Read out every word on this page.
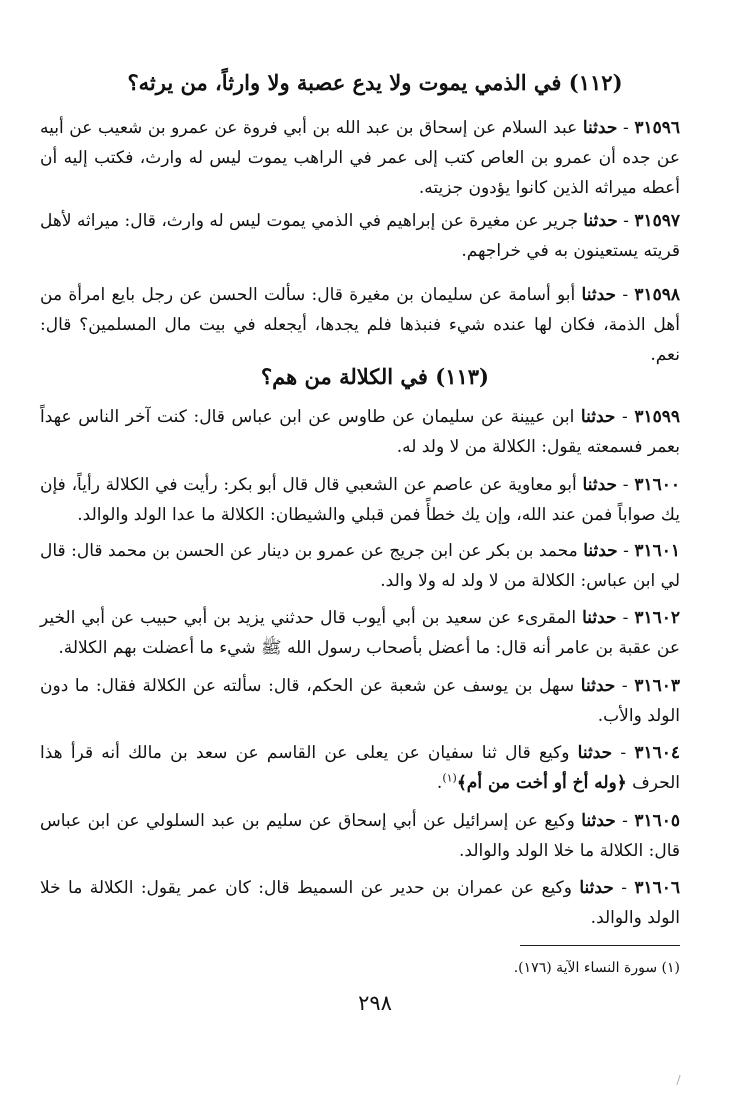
(١١٢) في الذمي يموت ولا يدع عصبة ولا وارثاً، من يرثه؟
٣١٥٩٦ - حدثنا عبد السلام عن إسحاق بن عبد الله بن أبي فروة عن عمرو بن شعيب عن أبيه عن جده أن عمرو بن العاص كتب إلى عمر في الراهب يموت ليس له وارث، فكتب إليه أن أعطه ميراثه الذين كانوا يؤدون جزيته.
٣١٥٩٧ - حدثنا جرير عن مغيرة عن إبراهيم في الذمي يموت ليس له وارث، قال: ميراثه لأهل قريته يستعينون به في خراجهم.
٣١٥٩٨ - حدثنا أبو أسامة عن سليمان بن مغيرة قال: سألت الحسن عن رجل بايع امرأة من أهل الذمة، فكان لها عنده شيء فنبذها فلم يجدها، أيجعله في بيت مال المسلمين؟ قال: نعم.
(١١٣) في الكلالة من هم؟
٣١٥٩٩ - حدثنا ابن عيينة عن سليمان عن طاوس عن ابن عباس قال: كنت آخر الناس عهداً بعمر فسمعته يقول: الكلالة من لا ولد له.
٣١٦٠٠ - حدثنا أبو معاوية عن عاصم عن الشعبي قال قال أبو بكر: رأيت في الكلالة رأياً، فإن يك صواباً فمن عند الله، وإن يك خطأً فمن قبلي والشيطان: الكلالة ما عدا الولد والوالد.
٣١٦٠١ - حدثنا محمد بن بكر عن ابن جريج عن عمرو بن دينار عن الحسن بن محمد قال: قال لي ابن عباس: الكلالة من لا ولد له ولا والد.
٣١٦٠٢ - حدثنا المقرىء عن سعيد بن أبي أيوب قال حدثني يزيد بن أبي حبيب عن أبي الخير عن عقبة بن عامر أنه قال: ما أعضل بأصحاب رسول الله ﷺ شيء ما أعضلت بهم الكلالة.
٣١٦٠٣ - حدثنا سهل بن يوسف عن شعبة عن الحكم، قال: سألته عن الكلالة فقال: ما دون الولد والأب.
٣١٦٠٤ - حدثنا وكيع قال ثنا سفيان عن يعلى عن القاسم عن سعد بن مالك أنه قرأ هذا الحرف ﴿وله أخ أو أخت من أم﴾$^{(١)}$.
٣١٦٠٥ - حدثنا وكيع عن إسرائيل عن أبي إسحاق عن سليم بن عبد السلولي عن ابن عباس قال: الكلالة ما خلا الولد والوالد.
٣١٦٠٦ - حدثنا وكيع عن عمران بن حدير عن السميط قال: كان عمر يقول: الكلالة ما خلا الولد والوالد.
(١) سورة النساء الآية (١٧٦).
٢٩٨
